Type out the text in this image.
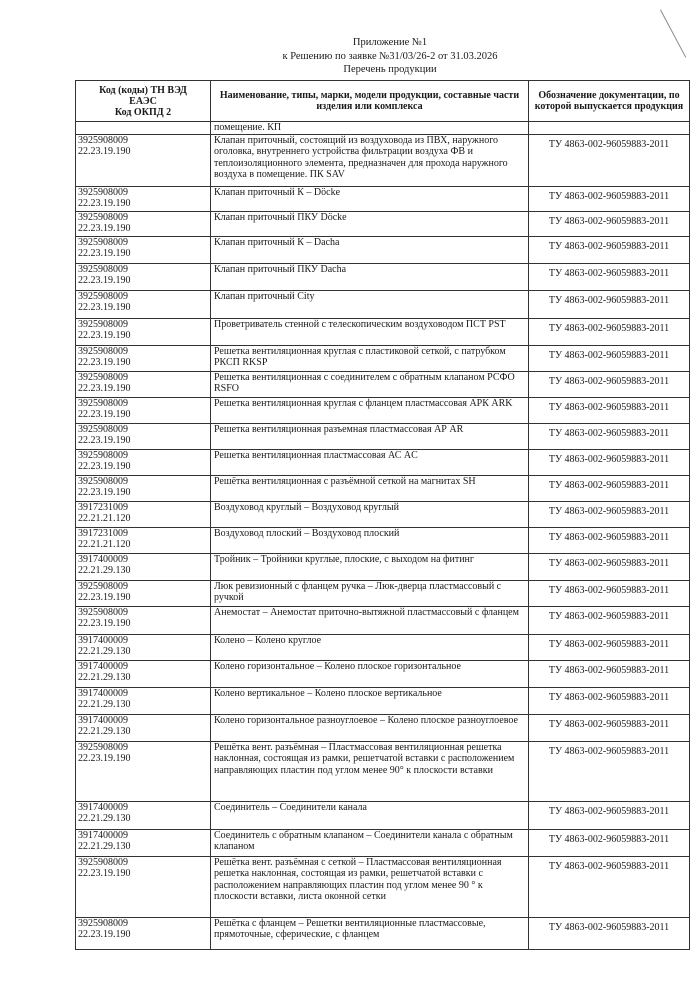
Приложение №1
к Решению по заявке №31/03/26-2 от 31.03.2026
Перечень продукции
Код (коды) ТН ВЭД
ЕАЭС
Код ОКПД 2	Наименование, типы, марки, модели продукции, составные части изделия или комплекса	Обозначение документации, по которой выпускается продукция
	помещение. КП	
3925908009
22.23.19.190	Клапан приточный, состоящий из воздуховода из ПВХ, наружного оголовка, внутреннего устройства фильтрации воздуха ФВ и теплоизоляционного элемента, предназначен для прохода наружного воздуха в помещение. ПК SAV	ТУ 4863-002-96059883-2011
3925908009
22.23.19.190	Клапан приточный К – Döcke	ТУ 4863-002-96059883-2011
3925908009
22.23.19.190	Клапан приточный ПКУ Döcke	ТУ 4863-002-96059883-2011
3925908009
22.23.19.190	Клапан приточный К – Dacha	ТУ 4863-002-96059883-2011
3925908009
22.23.19.190	Клапан приточный ПКУ Dacha	ТУ 4863-002-96059883-2011
3925908009
22.23.19.190	Клапан приточный City	ТУ 4863-002-96059883-2011
3925908009
22.23.19.190	Проветриватель стенной с телескопическим воздуховодом ПСТ PST	ТУ 4863-002-96059883-2011
3925908009
22.23.19.190	Решетка вентиляционная круглая с пластиковой сеткой, с патрубком РКСП RKSP	ТУ 4863-002-96059883-2011
3925908009
22.23.19.190	Решетка вентиляционная с соединителем с обратным клапаном РСФО RSFO	ТУ 4863-002-96059883-2011
3925908009
22.23.19.190	Решетка вентиляционная круглая с фланцем пластмассовая АРК ARK	ТУ 4863-002-96059883-2011
3925908009
22.23.19.190	Решетка вентиляционная разъемная пластмассовая АР AR	ТУ 4863-002-96059883-2011
3925908009
22.23.19.190	Решетка вентиляционная пластмассовая АС AC	ТУ 4863-002-96059883-2011
3925908009
22.23.19.190	Решётка вентиляционная с разъёмной сеткой на магнитах SH	ТУ 4863-002-96059883-2011
3917231009
22.21.21.120	Воздуховод круглый – Воздуховод круглый	ТУ 4863-002-96059883-2011
3917231009
22.21.21.120	Воздуховод плоский – Воздуховод плоский	ТУ 4863-002-96059883-2011
3917400009
22.21.29.130	Тройник – Тройники круглые, плоские, с выходом на фитинг	ТУ 4863-002-96059883-2011
3925908009
22.23.19.190	Люк ревизионный с фланцем ручка – Люк-дверца пластмассовый с ручкой	ТУ 4863-002-96059883-2011
3925908009
22.23.19.190	Анемостат – Анемостат приточно-вытяжной пластмассовый с фланцем	ТУ 4863-002-96059883-2011
3917400009
22.21.29.130	Колено – Колено круглое	ТУ 4863-002-96059883-2011
3917400009
22.21.29.130	Колено горизонтальное – Колено плоское горизонтальное	ТУ 4863-002-96059883-2011
3917400009
22.21.29.130	Колено вертикальное – Колено плоское вертикальное	ТУ 4863-002-96059883-2011
3917400009
22.21.29.130	Колено горизонтальное разноуглоевое – Колено плоское разноуглоевое	ТУ 4863-002-96059883-2011
3925908009
22.23.19.190	Решётка вент. разъёмная – Пластмассовая вентиляционная решетка наклонная, состоящая из рамки, решетчатой вставки с расположением направляющих пластин под углом менее 90° к плоскости вставки	ТУ 4863-002-96059883-2011
3917400009
22.21.29.130	Соединитель – Соединители канала	ТУ 4863-002-96059883-2011
3917400009
22.21.29.130	Соединитель с обратным клапаном – Соединители канала с обратным клапаном	ТУ 4863-002-96059883-2011
3925908009
22.23.19.190	Решётка вент. разъёмная с сеткой – Пластмассовая вентиляционная решетка наклонная, состоящая из рамки, решетчатой вставки с расположением направляющих пластин под углом менее 90 ° к плоскости вставки, листа оконной сетки	ТУ 4863-002-96059883-2011
3925908009
22.23.19.190	Решётка с фланцем – Решетки вентиляционные пластмассовые, прямоточные, сферические, с фланцем	ТУ 4863-002-96059883-2011
